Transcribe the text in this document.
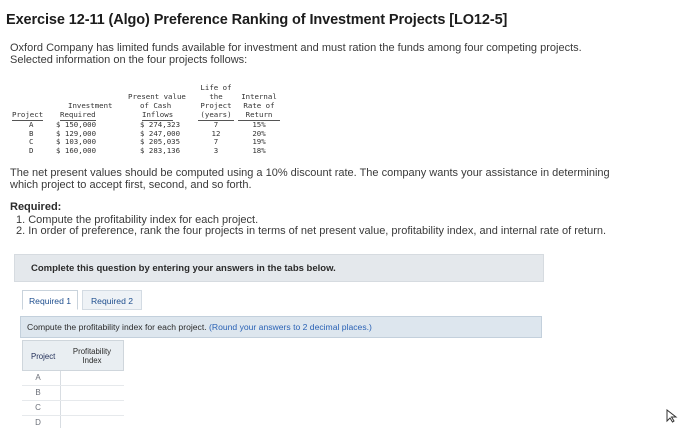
Exercise 12-11 (Algo) Preference Ranking of Investment Projects [LO12-5]
Oxford Company has limited funds available for investment and must ration the funds among four competing projects. Selected information on the four projects follows:
Project
A
B
C
D
Investment
Required
$ 150,000
$ 129,000
$ 103,000
$ 160,000
Present value
of Cash
Inflows
$ 274,323
$ 247,000
$ 205,035
$ 283,136
Life of
the
Project
(years)
7
12
7
3
Internal
Rate of
Return
15%
20%
19%
18%
The net present values should be computed using a 10% discount rate. The company wants your assistance in determining which project to accept first, second, and so forth.
Required:
1. Compute the profitability index for each project.
2. In order of preference, rank the four projects in terms of net present value, profitability index, and internal rate of return.
Complete this question by entering your answers in the tabs below.
Required 1	Required 2
Compute the profitability index for each project. (Round your answers to 2 decimal places.)
Project
Profitability
Index
A
B
C
D
